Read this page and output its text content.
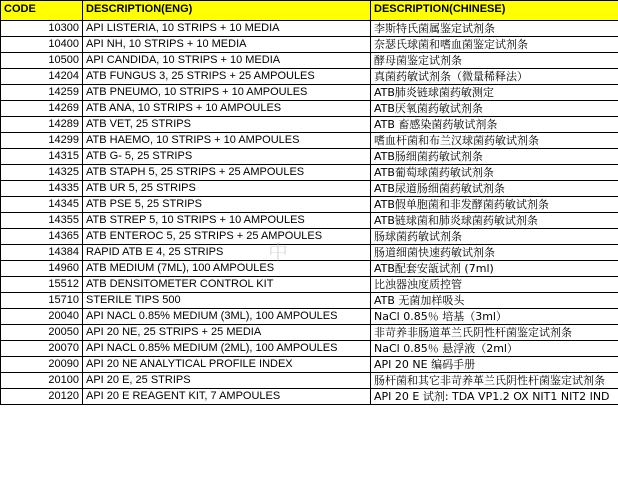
中
CODE	DESCRIPTION(ENG)	DESCRIPTION(CHINESE)
10300	API LISTERIA, 10 STRIPS + 10 MEDIA	李斯特氏菌属鉴定试剂条
10400	API NH, 10 STRIPS + 10 MEDIA	奈瑟氏球菌和嗜血菌鉴定试剂条
10500	API CANDIDA, 10 STRIPS + 10 MEDIA	酵母菌鉴定试剂条
14204	ATB FUNGUS 3, 25 STRIPS + 25 AMPOULES	真菌药敏试剂条（微量稀释法）
14259	ATB PNEUMO, 10 STRIPS + 10 AMPOULES	ATB肺炎链球菌药敏测定
14269	ATB ANA, 10 STRIPS + 10 AMPOULES	ATB厌氧菌药敏试剂条
14289	ATB VET, 25 STRIPS	ATB 畜感染菌药敏试剂条
14299	ATB HAEMO, 10 STRIPS + 10 AMPOULES	嗜血杆菌和布兰汉球菌药敏试剂条
14315	ATB G- 5, 25 STRIPS	ATB肠细菌药敏试剂条
14325	ATB STAPH 5, 25 STRIPS + 25 AMPOULES	ATB葡萄球菌药敏试剂条
14335	ATB UR 5, 25 STRIPS	ATB尿道肠细菌药敏试剂条
14345	ATB PSE 5, 25 STRIPS	ATB假单胞菌和非发酵菌药敏试剂条
14355	ATB STREP 5, 10 STRIPS + 10 AMPOULES	ATB链球菌和肺炎球菌药敏试剂条
14365	ATB ENTEROC 5, 25 STRIPS + 25 AMPOULES	肠球菌药敏试剂条
14384	RAPID ATB E 4, 25 STRIPS	肠道细菌快速药敏试剂条
14960	ATB MEDIUM (7ML), 100 AMPOULES	ATB配套安瓿试剂 (7ml)
15512	ATB DENSITOMETER CONTROL KIT	比浊器浊度质控管
15710	STERILE TIPS 500	ATB 无菌加样吸头
20040	API NACL 0.85% MEDIUM (3ML), 100 AMPOULES	NaCl 0.85％ 培基（3ml）
20050	API 20 NE, 25 STRIPS + 25 MEDIA	非苛养非肠道革兰氏阴性杆菌鉴定试剂条
20070	API NACL 0.85% MEDIUM (2ML), 100 AMPOULES	NaCl 0.85％ 悬浮液（2ml）
20090	API 20 NE ANALYTICAL PROFILE INDEX	API 20 NE 编码手册
20100	API 20 E, 25 STRIPS	肠杆菌和其它非苛养革兰氏阴性杆菌鉴定试剂条
20120	API 20 E REAGENT KIT, 7 AMPOULES	API 20 E 试剂: TDA VP1.2 OX NIT1 NIT2 IND
